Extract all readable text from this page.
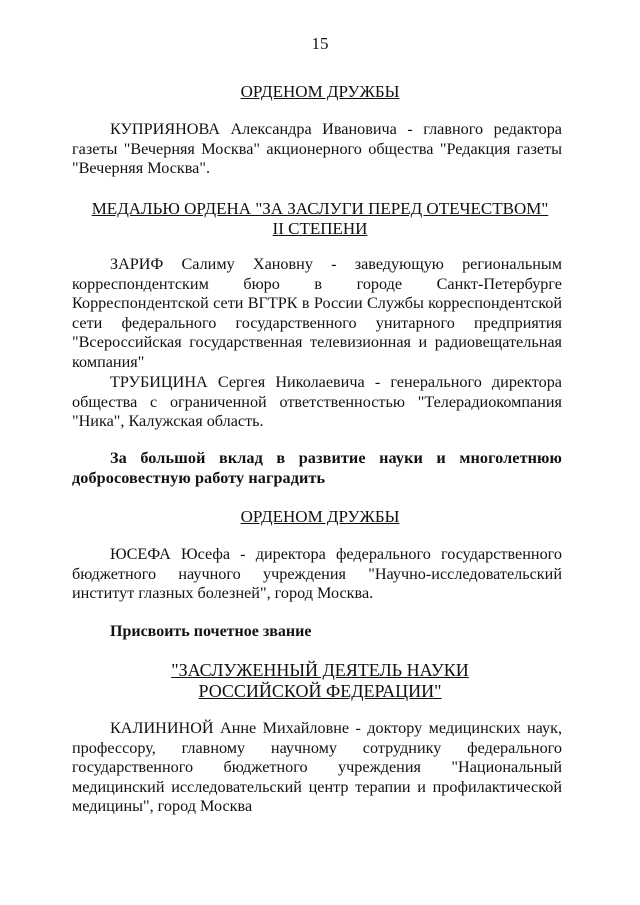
15
ОРДЕНОМ ДРУЖБЫ
КУПРИЯНОВА Александра Ивановича - главного редактора газеты "Вечерняя Москва" акционерного общества "Редакция газеты "Вечерняя Москва".
МЕДАЛЬЮ ОРДЕНА "ЗА ЗАСЛУГИ ПЕРЕД ОТЕЧЕСТВОМ"
II СТЕПЕНИ
ЗАРИФ Салиму Хановну - заведующую региональным корреспондентским бюро в городе Санкт-Петербурге Корреспондентской сети ВГТРК в России Службы корреспондентской сети федерального государственного унитарного предприятия "Всероссийская государственная телевизионная и радиовещательная компания"
ТРУБИЦИНА Сергея Николаевича - генерального директора общества с ограниченной ответственностью "Телерадиокомпания "Ника", Калужская область.
За большой вклад в развитие науки и многолетнюю добросовестную работу наградить
ОРДЕНОМ ДРУЖБЫ
ЮСЕФА Юсефа - директора федерального государственного бюджетного научного учреждения "Научно-исследовательский институт глазных болезней", город Москва.
Присвоить почетное звание
"ЗАСЛУЖЕННЫЙ ДЕЯТЕЛЬ НАУКИ
РОССИЙСКОЙ ФЕДЕРАЦИИ"
КАЛИНИНОЙ Анне Михайловне - доктору медицинских наук, профессору, главному научному сотруднику федерального государственного бюджетного учреждения "Национальный медицинский исследовательский центр терапии и профилактической медицины", город Москва
